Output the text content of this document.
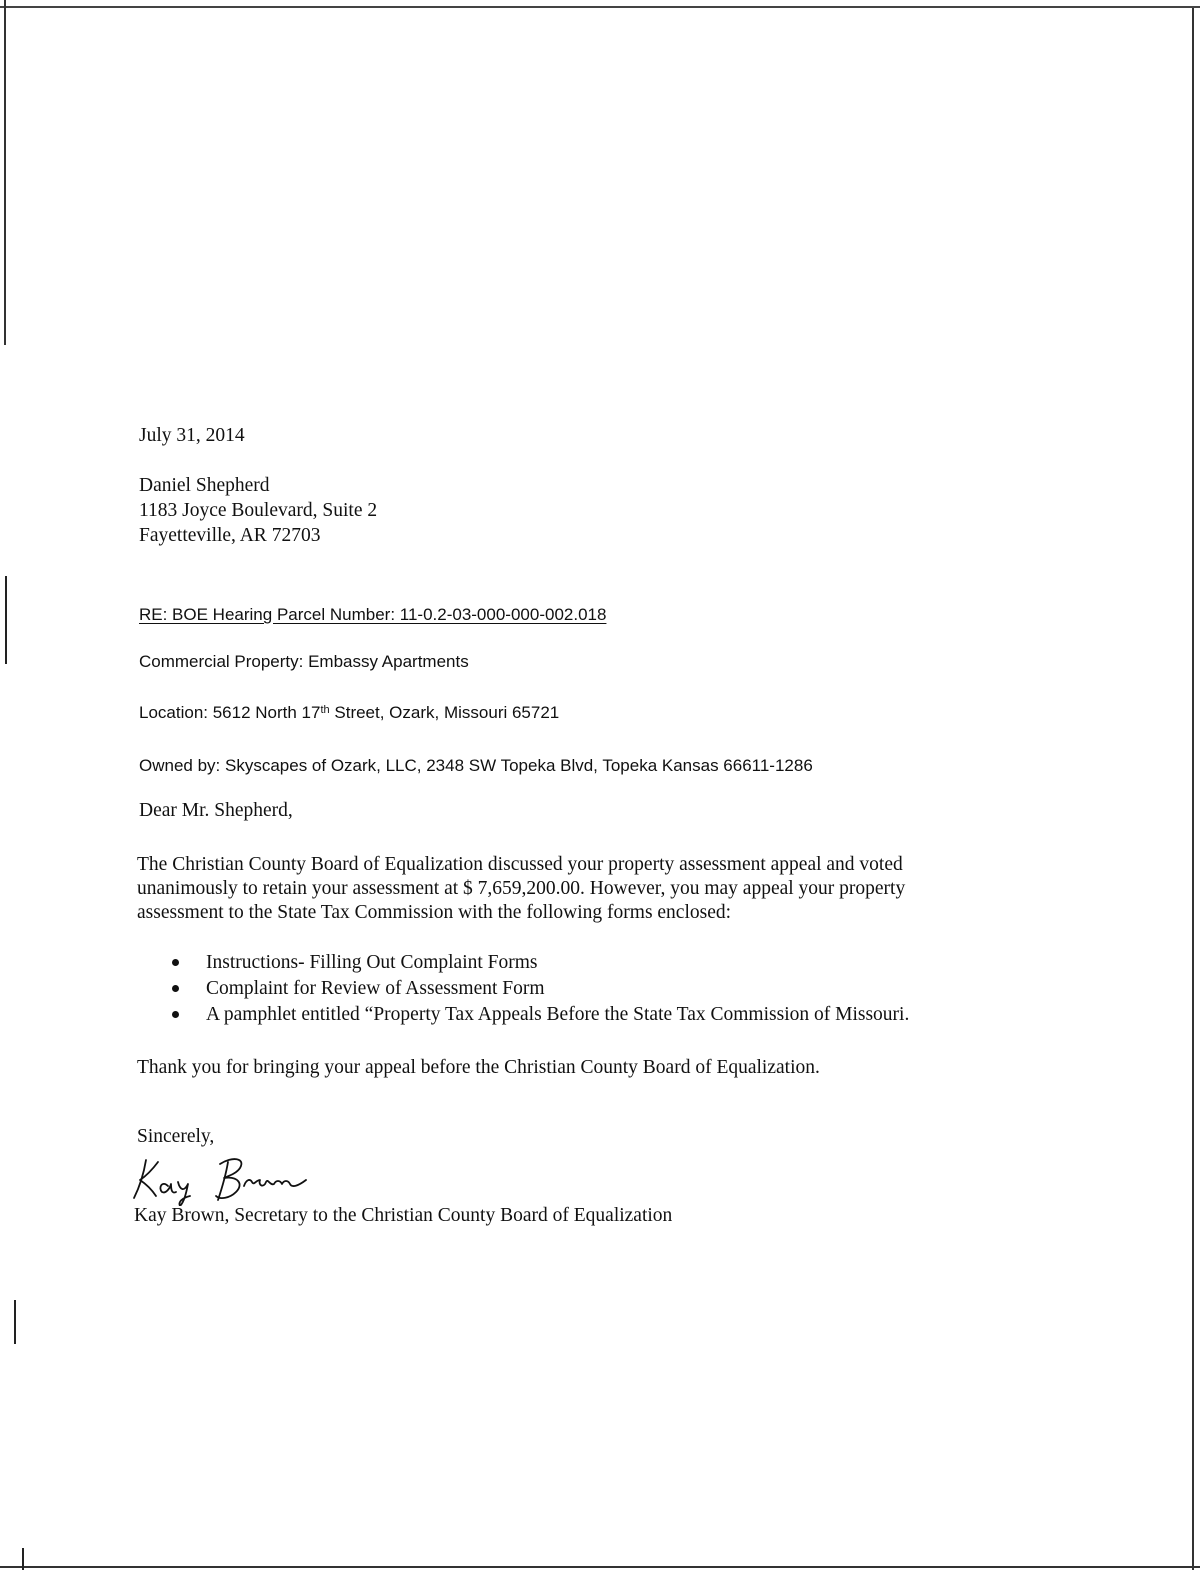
July 31, 2014

Daniel Shepherd
1183 Joyce Boulevard, Suite 2
Fayetteville, AR 72703

RE: BOE Hearing Parcel Number: 11-0.2-03-000-000-002.018

Commercial Property: Embassy Apartments

Location: 5612 North 17th Street, Ozark, Missouri 65721

Owned by: Skyscapes of Ozark, LLC, 2348 SW Topeka Blvd, Topeka Kansas 66611-1286

Dear Mr. Shepherd,

The Christian County Board of Equalization discussed your property assessment appeal and voted
unanimously to retain your assessment at $ 7,659,200.00. However, you may appeal your property
assessment to the State Tax Commission with the following forms enclosed:
Instructions- Filling Out Complaint Forms
Complaint for Review of Assessment Form
A pamphlet entitled “Property Tax Appeals Before the State Tax Commission of Missouri.

Thank you for bringing your appeal before the Christian County Board of Equalization.

Sincerely,

Kay Brown, Secretary to the Christian County Board of Equalization
